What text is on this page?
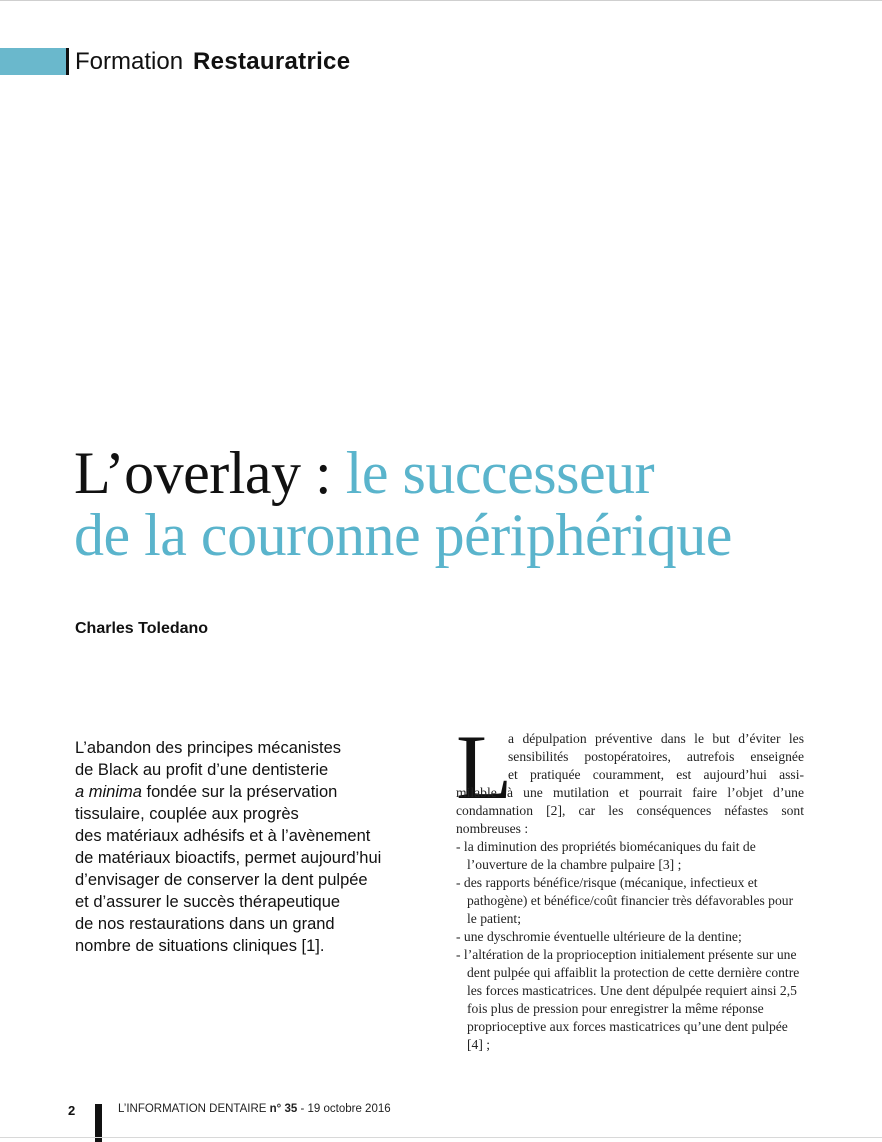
Formation Restauratrice
L’overlay : le successeur
de la couronne périphérique
Charles Toledano
L’abandon des principes mécanistes
de Black au profit d’une dentisterie
a minima fondée sur la préservation
tissulaire, couplée aux progrès
des matériaux adhésifs et à l’avènement
de matériaux bioactifs, permet aujourd’hui
d’envisager de conserver la dent pulpée
et d’assurer le succès thérapeutique
de nos restaurations dans un grand
nombre de situations cliniques [1].
L
a dépulpation préventive dans le but d’éviter les
sensibilités postopératoires, autrefois enseignée
et pratiquée couramment, est aujourd’hui assi-
milable à une mutilation et pourrait faire l’objet d’une
condamnation [2], car les conséquences néfastes sont
nombreuses :
- la diminution des propriétés biomécaniques du fait de l’ouverture de la chambre pulpaire [3] ;
- des rapports bénéfice/risque (mécanique, infectieux et pathogène) et bénéfice/coût financier très défavorables pour le patient;
- une dyschromie éventuelle ultérieure de la dentine;
- l’altération de la proprioception initialement présente sur une dent pulpée qui affaiblit la protection de cette dernière contre les forces masticatrices. Une dent dépulpée requiert ainsi 2,5 fois plus de pression pour enregistrer la même réponse proprioceptive aux forces masticatrices qu’une dent pulpée [4] ;
2	L’INFORMATION DENTAIRE n° 35 - 19 octobre 2016
